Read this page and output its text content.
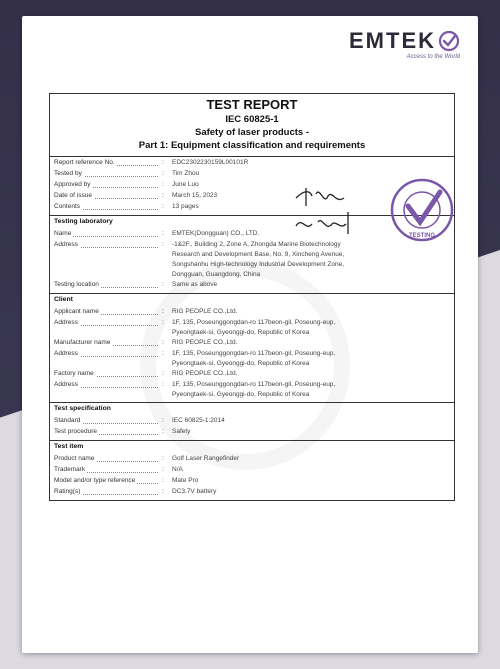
EMTEK
Access to the World
TEST REPORT
IEC 60825-1
Safety of laser products -
Part 1: Equipment classification and requirements
Report reference No.	:	EDC2302230159L00101R
Tested by	:	Tim Zhou
Approved by	:	June Luo
Date of issue	:	March 15, 2023
Contents	:	13 pages
Testing laboratory
Name	:	EMTEK(Dongguan) CO., LTD.
Address	:	-1&2F., Building 2, Zone A, Zhongda Marine Biotechnology
Research and Development Base, No. 9, Xincheng Avenue,
Songshanhu High-technology Industrial Development Zone,
Dongguan, Guangdong, China
Testing location	:	Same as above
Client
Applicant name	:	RIG PEOPLE CO.,Ltd.
Address	:	1F, 135, Poseunggongdan-ro 117beon-gil, Poseung-eup,
Pyeongtaek-si, Gyeonggi-do, Republic of Korea
Manufacturer name	:	RIG PEOPLE CO.,Ltd.
Address	:	1F, 135, Poseunggongdan-ro 117beon-gil, Poseung-eup,
Pyeongtaek-si, Gyeonggi-do, Republic of Korea
Factory name	:	RIG PEOPLE CO.,Ltd.
Address	:	1F, 135, Poseunggongdan-ro 117beon-gil, Poseung-eup,
Pyeongtaek-si, Gyeonggi-do, Republic of Korea
Test specification
Standard	:	IEC 60825-1:2014
Test procedure	:	Safety
Test item
Product name	:	Golf Laser Rangefinder
Trademark	:	N/A
Model and/or type reference	:	Mate Pro
Rating(s)	:	DC3.7V battery
TESTING
